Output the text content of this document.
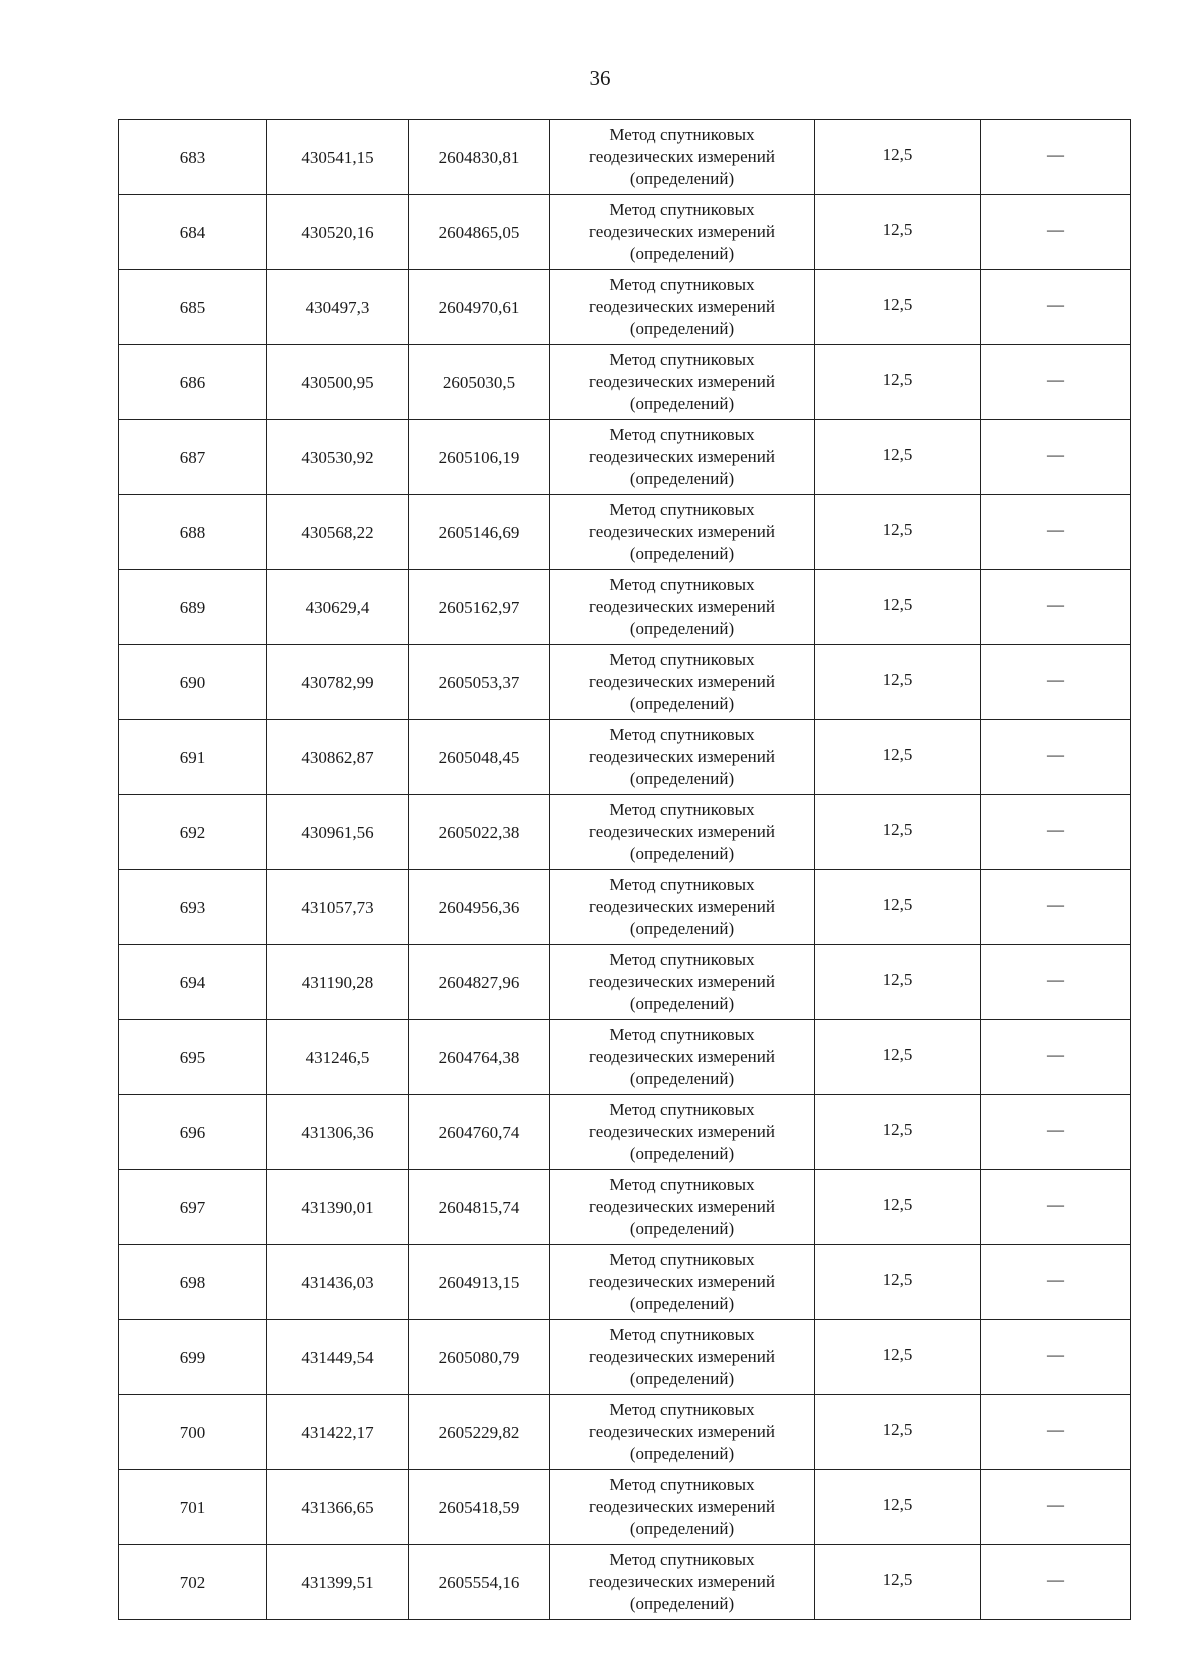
36
683	430541,15	2604830,81	Метод спутниковых
геодезических измерений
(определений)	12,5	—
684	430520,16	2604865,05	Метод спутниковых
геодезических измерений
(определений)	12,5	—
685	430497,3	2604970,61	Метод спутниковых
геодезических измерений
(определений)	12,5	—
686	430500,95	2605030,5	Метод спутниковых
геодезических измерений
(определений)	12,5	—
687	430530,92	2605106,19	Метод спутниковых
геодезических измерений
(определений)	12,5	—
688	430568,22	2605146,69	Метод спутниковых
геодезических измерений
(определений)	12,5	—
689	430629,4	2605162,97	Метод спутниковых
геодезических измерений
(определений)	12,5	—
690	430782,99	2605053,37	Метод спутниковых
геодезических измерений
(определений)	12,5	—
691	430862,87	2605048,45	Метод спутниковых
геодезических измерений
(определений)	12,5	—
692	430961,56	2605022,38	Метод спутниковых
геодезических измерений
(определений)	12,5	—
693	431057,73	2604956,36	Метод спутниковых
геодезических измерений
(определений)	12,5	—
694	431190,28	2604827,96	Метод спутниковых
геодезических измерений
(определений)	12,5	—
695	431246,5	2604764,38	Метод спутниковых
геодезических измерений
(определений)	12,5	—
696	431306,36	2604760,74	Метод спутниковых
геодезических измерений
(определений)	12,5	—
697	431390,01	2604815,74	Метод спутниковых
геодезических измерений
(определений)	12,5	—
698	431436,03	2604913,15	Метод спутниковых
геодезических измерений
(определений)	12,5	—
699	431449,54	2605080,79	Метод спутниковых
геодезических измерений
(определений)	12,5	—
700	431422,17	2605229,82	Метод спутниковых
геодезических измерений
(определений)	12,5	—
701	431366,65	2605418,59	Метод спутниковых
геодезических измерений
(определений)	12,5	—
702	431399,51	2605554,16	Метод спутниковых
геодезических измерений
(определений)	12,5	—
